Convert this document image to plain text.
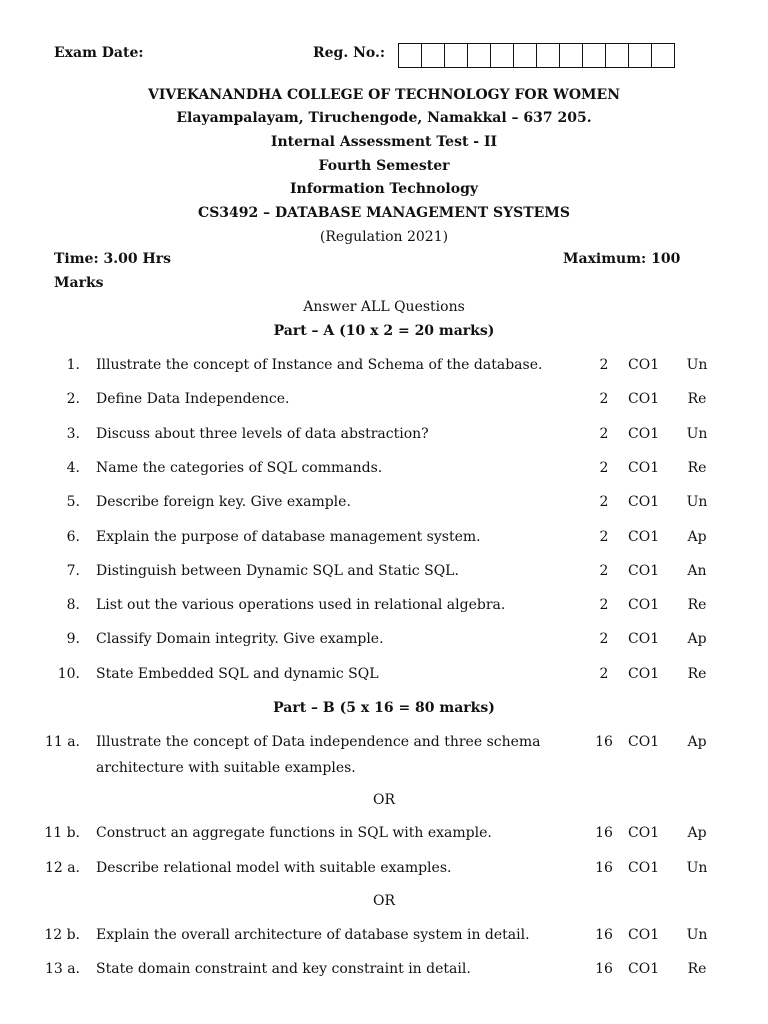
Exam Date:	Reg. No.:
VIVEKANANDHA COLLEGE OF TECHNOLOGY FOR WOMEN
Elayampalayam, Tiruchengode, Namakkal – 637 205.
Internal Assessment Test - II
Fourth Semester
Information Technology
CS3492 – DATABASE MANAGEMENT SYSTEMS
(Regulation 2021)
Time: 3.00 Hrs	Maximum: 100
Marks
Answer ALL Questions
Part – A (10 x 2 = 20 marks)
1. Illustrate the concept of Instance and Schema of the database.	2	CO1	Un
2. Define Data Independence.	2	CO1	Re
3. Discuss about three levels of data abstraction?	2	CO1	Un
4. Name the categories of SQL commands.	2	CO1	Re
5. Describe foreign key. Give example.	2	CO1	Un
6. Explain the purpose of database management system.	2	CO1	Ap
7. Distinguish between Dynamic SQL and Static SQL.	2	CO1	An
8. List out the various operations used in relational algebra.	2	CO1	Re
9. Classify Domain integrity. Give example.	2	CO1	Ap
10. State Embedded SQL and dynamic SQL	2	CO1	Re
Part – B (5 x 16 = 80 marks)
11 a. Illustrate the concept of Data independence and three schema
architecture with suitable examples.
16	CO1	Ap
OR
11 b. Construct an aggregate functions in SQL with example.	16	CO1	Ap
12 a. Describe relational model with suitable examples.	16	CO1	Un
OR
12 b. Explain the overall architecture of database system in detail.	16	CO1	Un
13 a. State domain constraint and key constraint in detail.	16	CO1	Re
